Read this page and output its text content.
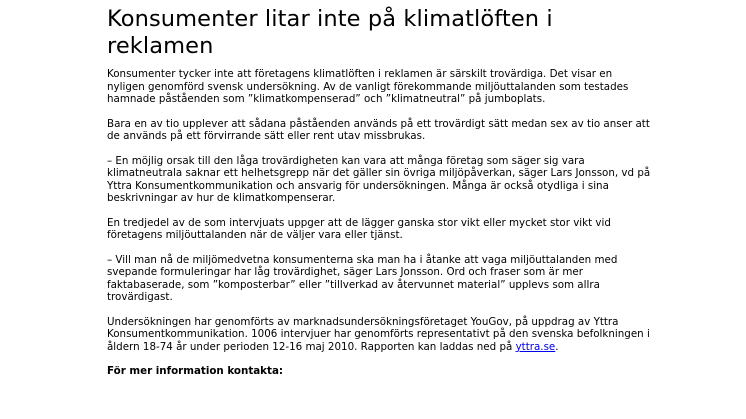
Konsumenter litar inte på klimatlöften i reklamen

Konsumenter tycker inte att företagens klimatlöften i reklamen är särskilt trovärdiga. Det visar en nyligen genomförd svensk undersökning. Av de vanligt förekommande miljöuttalanden som testades hamnade påståenden som ”klimatkompenserad” och ”klimatneutral” på jumboplats.

Bara en av tio upplever att sådana påståenden används på ett trovärdigt sätt medan sex av tio anser att de används på ett förvirrande sätt eller rent utav missbrukas.

– En möjlig orsak till den låga trovärdigheten kan vara att många företag som säger sig vara klimatneutrala saknar ett helhetsgrepp när det gäller sin övriga miljöpåverkan, säger Lars Jonsson, vd på Yttra Konsumentkommunikation och ansvarig för undersökningen. Många är också otydliga i sina beskrivningar av hur de klimatkompenserar.

En tredjedel av de som intervjuats uppger att de lägger ganska stor vikt eller mycket stor vikt vid företagens miljöuttalanden när de väljer vara eller tjänst.

– Vill man nå de miljömedvetna konsumenterna ska man ha i åtanke att vaga miljöuttalanden med svepande formuleringar har låg trovärdighet, säger Lars Jonsson. Ord och fraser som är mer faktabaserade, som ”komposterbar” eller ”tillverkad av återvunnet material” upplevs som allra trovärdigast.

Undersökningen har genomförts av marknadsundersökningsföretaget YouGov, på uppdrag av Yttra Konsumentkommunikation. 1006 intervjuer har genomförts representativt på den svenska befolkningen i åldern 18-74 år under perioden 12-16 maj 2010. Rapporten kan laddas ned på yttra.se.

För mer information kontakta:
